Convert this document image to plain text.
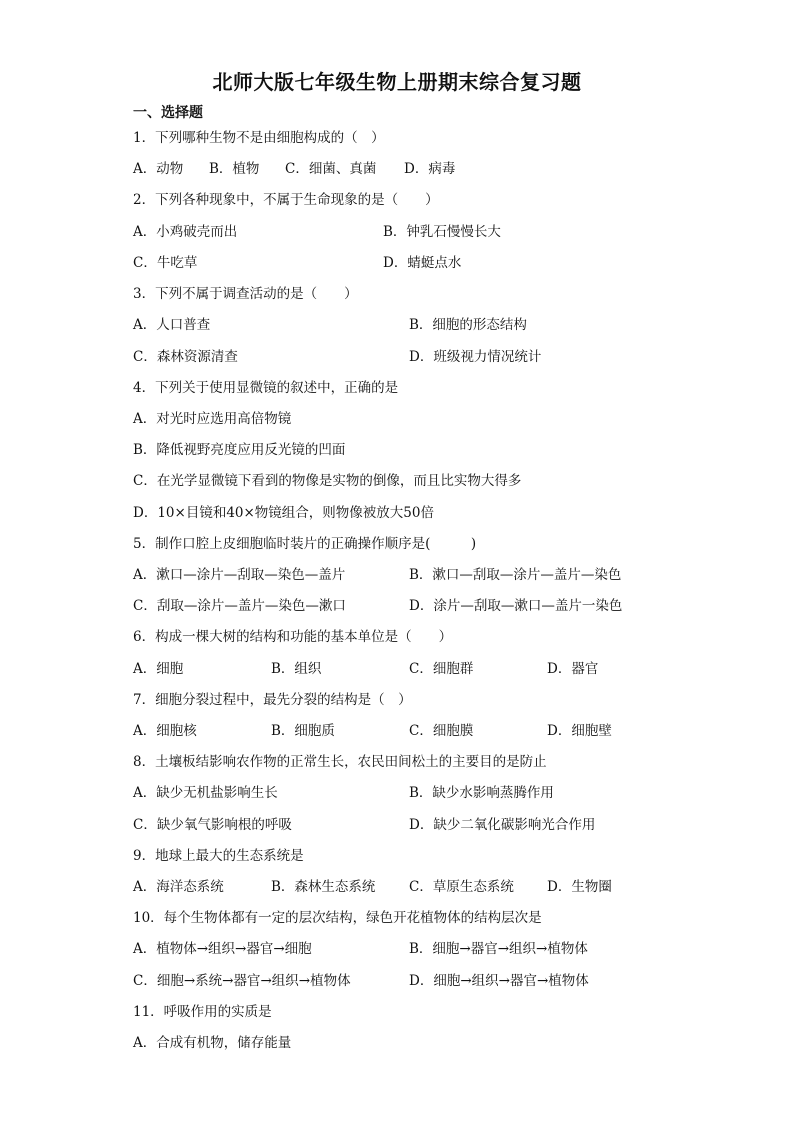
北师大版七年级生物上册期末综合复习题
一、选择题
1．下列哪种生物不是由细胞构成的（　）
A．动物 B．植物 C．细菌、真菌 D．病毒
2．下列各种现象中，不属于生命现象的是（　　）
A．小鸡破壳而出	B．钟乳石慢慢长大
C．牛吃草	D．蜻蜓点水
3．下列不属于调查活动的是（　　）
A．人口普查	B．细胞的形态结构
C．森林资源清查	D．班级视力情况统计
4．下列关于使用显微镜的叙述中，正确的是
A．对光时应选用高倍物镜
B．降低视野亮度应用反光镜的凹面
C．在光学显微镜下看到的物像是实物的倒像，而且比实物大得多
D．10×目镜和40×物镜组合，则物像被放大50倍
5．制作口腔上皮细胞临时装片的正确操作顺序是(　　　)
A．漱口—涂片—刮取—染色—盖片	B．漱口—刮取—涂片—盖片—染色
C．刮取—涂片—盖片—染色—漱口	D．涂片—刮取—漱口—盖片一染色
6．构成一棵大树的结构和功能的基本单位是（　　）
A．细胞	B．组织	C．细胞群	D．器官
7．细胞分裂过程中，最先分裂的结构是（　）
A．细胞核	B．细胞质	C．细胞膜	D．细胞壁
8．土壤板结影响农作物的正常生长，农民田间松土的主要目的是防止
A．缺少无机盐影响生长	B．缺少水影响蒸腾作用
C．缺少氧气影响根的呼吸	D．缺少二氧化碳影响光合作用
9．地球上最大的生态系统是
A．海洋态系统	B．森林生态系统 C．草原生态系统 D．生物圈
10．每个生物体都有一定的层次结构，绿色开花植物体的结构层次是
A．植物体→组织→器官→细胞	B．细胞→器官→组织→植物体
C．细胞→系统→器官→组织→植物体	D．细胞→组织→器官→植物体
11．呼吸作用的实质是
A．合成有机物，储存能量
